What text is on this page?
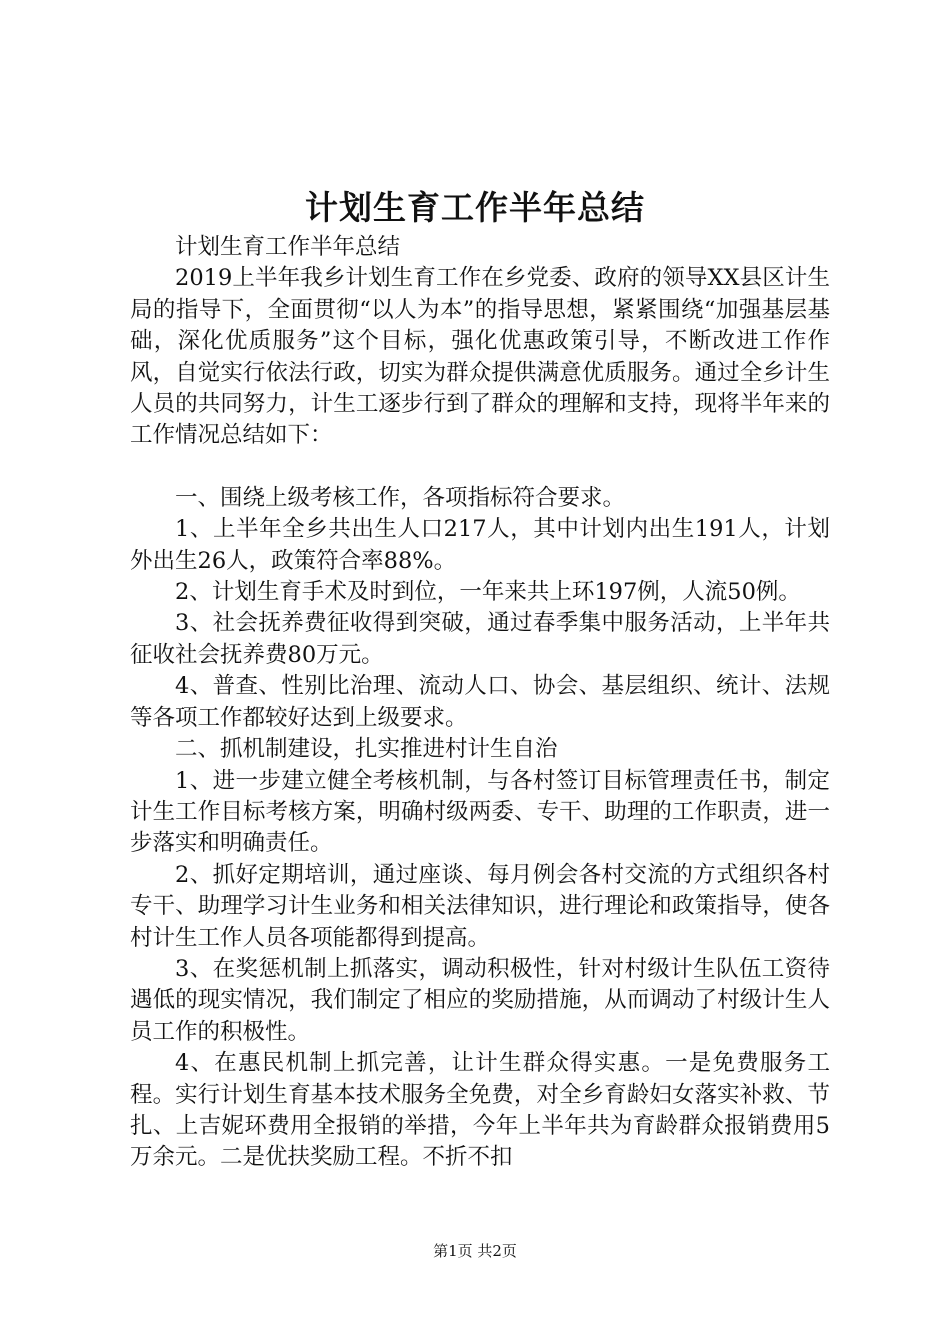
计划生育工作半年总结

计划生育工作半年总结

2019上半年我乡计划生育工作在乡党委、政府的领导XX县区计生局的指导下，全面贯彻“以人为本”的指导思想，紧紧围绕“加强基层基础，深化优质服务”这个目标，强化优惠政策引导，不断改进工作作风，自觉实行依法行政，切实为群众提供满意优质服务。通过全乡计生人员的共同努力，计生工逐步行到了群众的理解和支持，现将半年来的工作情况总结如下：

一、围绕上级考核工作，各项指标符合要求。

1、上半年全乡共出生人口217人，其中计划内出生191人，计划外出生26人，政策符合率88%。

2、计划生育手术及时到位，一年来共上环197例，人流50例。

3、社会抚养费征收得到突破，通过春季集中服务活动，上半年共征收社会抚养费80万元。

4、普查、性别比治理、流动人口、协会、基层组织、统计、法规等各项工作都较好达到上级要求。

二、抓机制建设，扎实推进村计生自治

1、进一步建立健全考核机制，与各村签订目标管理责任书，制定计生工作目标考核方案，明确村级两委、专干、助理的工作职责，进一步落实和明确责任。

2、抓好定期培训，通过座谈、每月例会各村交流的方式组织各村专干、助理学习计生业务和相关法律知识，进行理论和政策指导，使各村计生工作人员各项能都得到提高。

3、在奖惩机制上抓落实，调动积极性，针对村级计生队伍工资待遇低的现实情况，我们制定了相应的奖励措施，从而调动了村级计生人员工作的积极性。

4、在惠民机制上抓完善，让计生群众得实惠。一是免费服务工程。实行计划生育基本技术服务全免费，对全乡育龄妇女落实补救、节扎、上吉妮环费用全报销的举措，今年上半年共为育龄群众报销费用5万余元。二是优扶奖励工程。不折不扣

第1页 共2页
